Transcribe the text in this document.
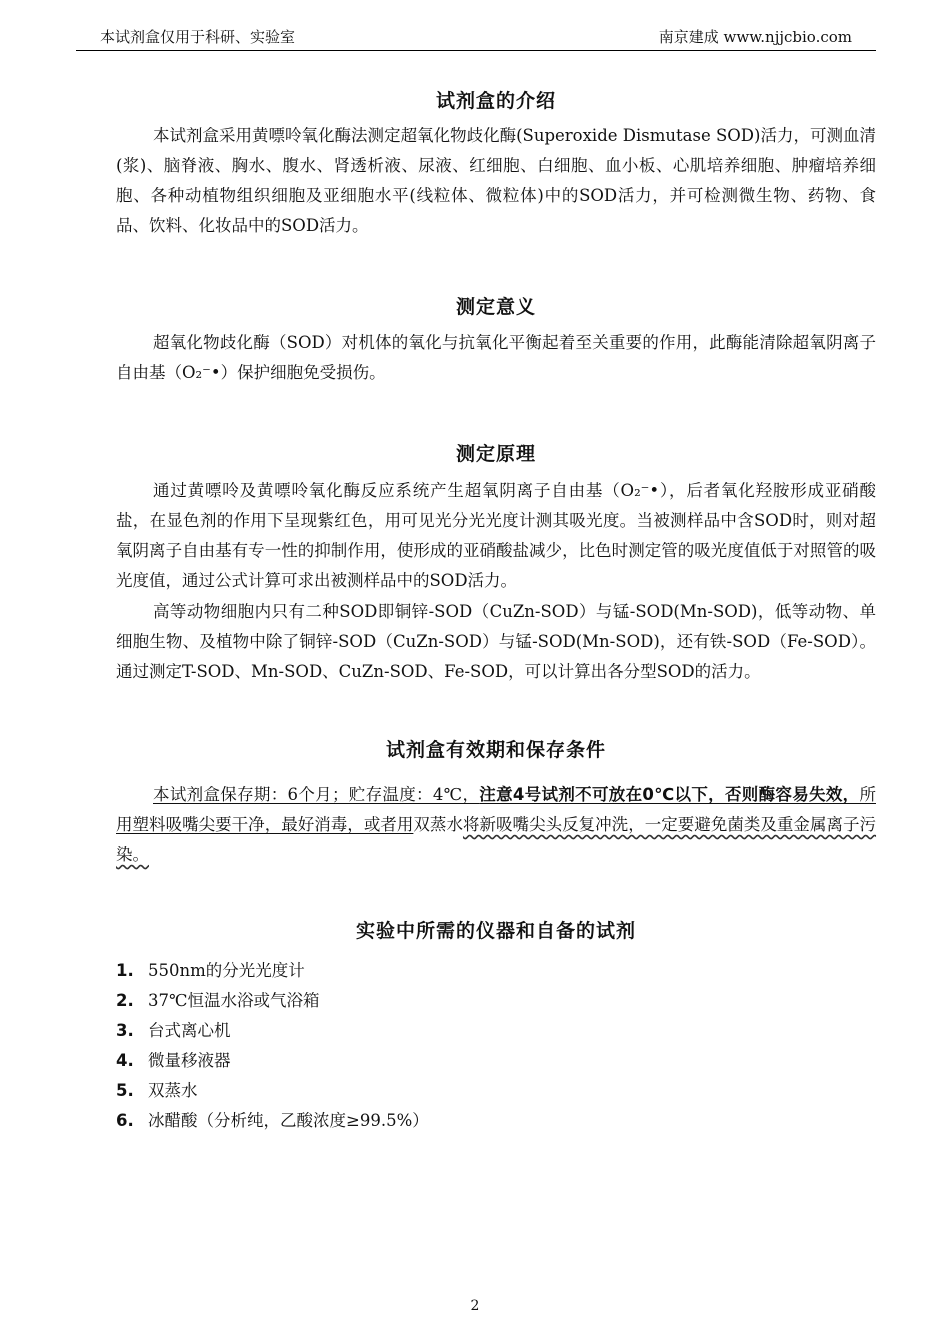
本试剂盒仅用于科研、实验室	南京建成 www.njjcbio.com
试剂盒的介绍
本试剂盒采用黄嘌呤氧化酶法测定超氧化物歧化酶(Superoxide Dismutase SOD)活力，可测血清(浆)、脑脊液、胸水、腹水、肾透析液、尿液、红细胞、白细胞、血小板、心肌培养细胞、肿瘤培养细胞、各种动植物组织细胞及亚细胞水平(线粒体、微粒体)中的SOD活力，并可检测微生物、药物、食品、饮料、化妆品中的SOD活力。
测定意义
超氧化物歧化酶（SOD）对机体的氧化与抗氧化平衡起着至关重要的作用，此酶能清除超氧阴离子自由基（O₂⁻•）保护细胞免受损伤。
测定原理
通过黄嘌呤及黄嘌呤氧化酶反应系统产生超氧阴离子自由基（O₂⁻•），后者氧化羟胺形成亚硝酸盐，在显色剂的作用下呈现紫红色，用可见光分光光度计测其吸光度。当被测样品中含SOD时，则对超氧阴离子自由基有专一性的抑制作用，使形成的亚硝酸盐减少，比色时测定管的吸光度值低于对照管的吸光度值，通过公式计算可求出被测样品中的SOD活力。
高等动物细胞内只有二种SOD即铜锌-SOD（CuZn-SOD）与锰-SOD(Mn-SOD)，低等动物、单细胞生物、及植物中除了铜锌-SOD（CuZn-SOD）与锰-SOD(Mn-SOD)，还有铁-SOD（Fe-SOD）。通过测定T-SOD、Mn-SOD、CuZn-SOD、Fe-SOD，可以计算出各分型SOD的活力。
试剂盒有效期和保存条件
本试剂盒保存期：6个月；贮存温度：4℃，注意4号试剂不可放在0℃以下，否则酶容易失效，所用塑料吸嘴尖要干净，最好消毒，或者用双蒸水将新吸嘴尖头反复冲洗，一定要避免菌类及重金属离子污染。
实验中所需的仪器和自备的试剂
1. 550nm的分光光度计
2. 37℃恒温水浴或气浴箱
3. 台式离心机
4. 微量移液器
5. 双蒸水
6. 冰醋酸（分析纯，乙酸浓度≥99.5%）
2
